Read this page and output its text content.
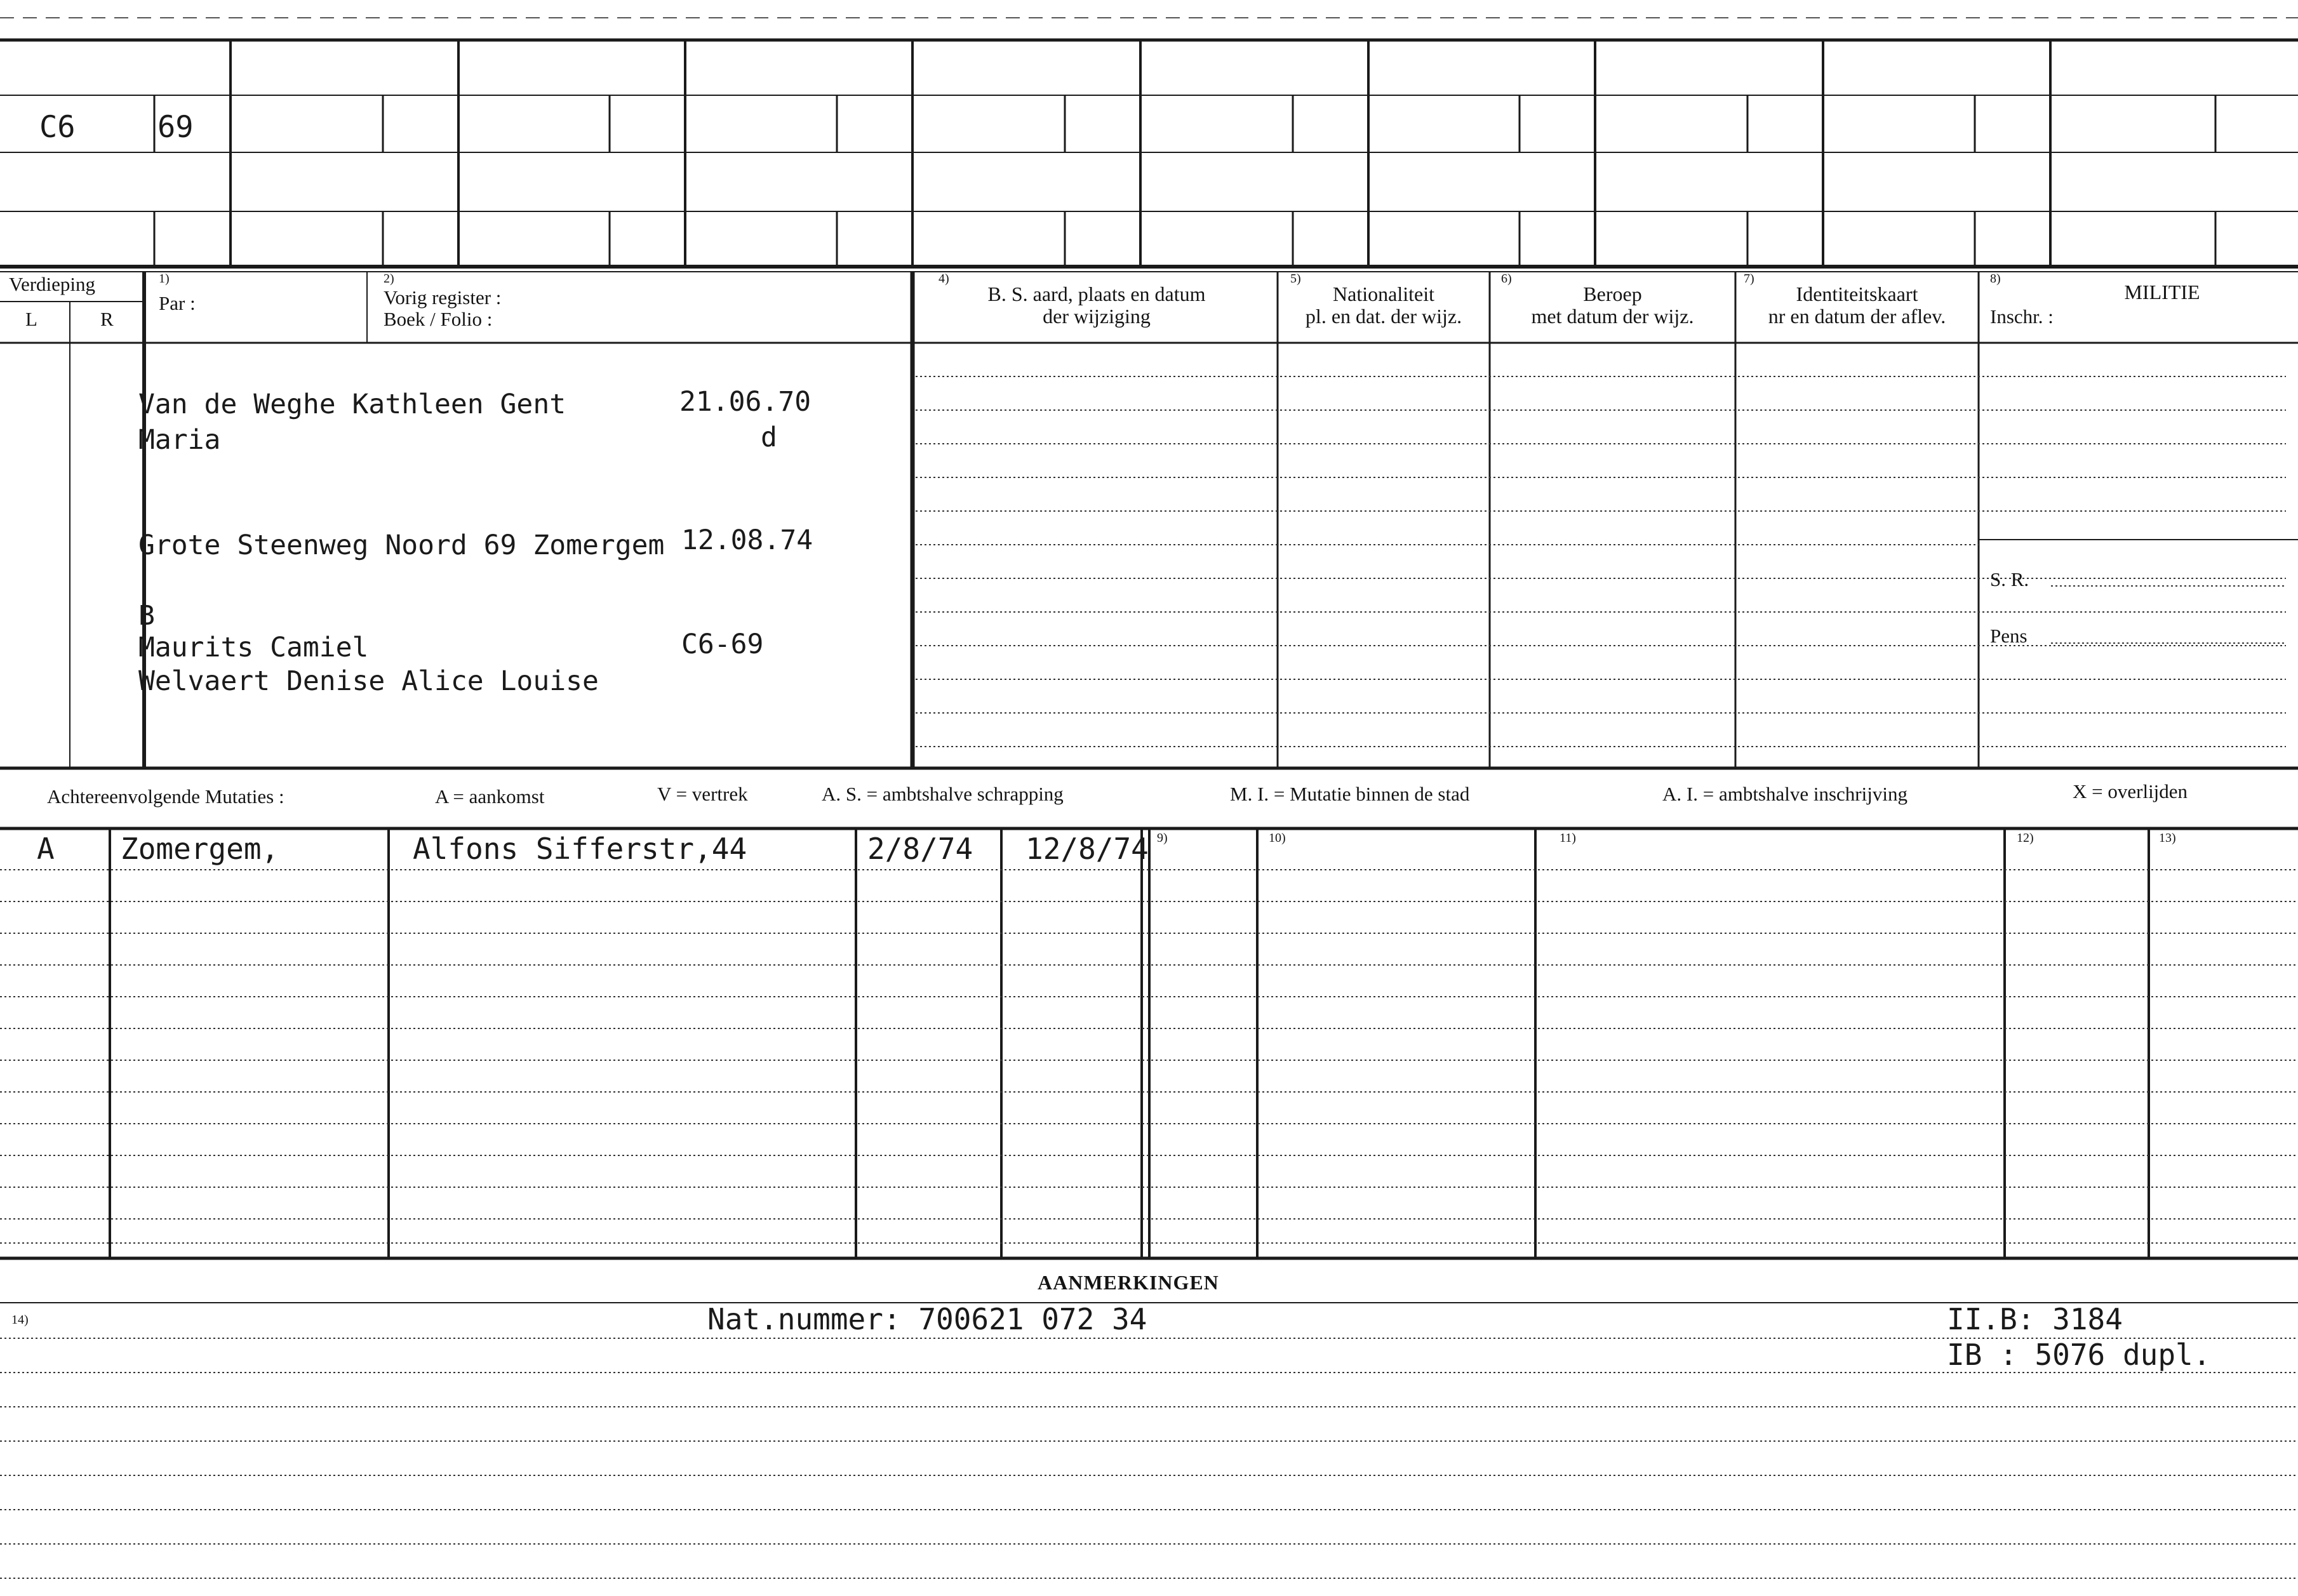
C6	69
Verdieping
L	R
1)
Par :
2)
Vorig register :
Boek / Folio :
4)
B. S. aard, plaats en datum
der wijziging
5)
Nationaliteit
pl. en dat. der wijz.
6)
Beroep
met datum der wijz.
7)
Identiteitskaart
nr en datum der aflev.
8)
MILITIE
Inschr. :
S. R.
Pens
Van de Weghe Kathleen Gent	21.06.70
Maria	d
Grote Steenweg Noord 69 Zomergem 12.08.74
B
Maurits Camiel	C6-69
Welvaert Denise Alice Louise
Achtereenvolgende Mutaties :	A = aankomst	V = vertrek	A. S. = ambtshalve schrapping	M. I. = Mutatie binnen de stad	A. I. = ambtshalve inschrijving	X = overlijden
9)	10)	11)	12)	13)
A Zomergem,	Alfons Sifferstr,44	2/8/74 12/8/74
AANMERKINGEN
14)	Nat.nummer: 700621 072 34	II.B: 3184
IB : 5076 dupl.
